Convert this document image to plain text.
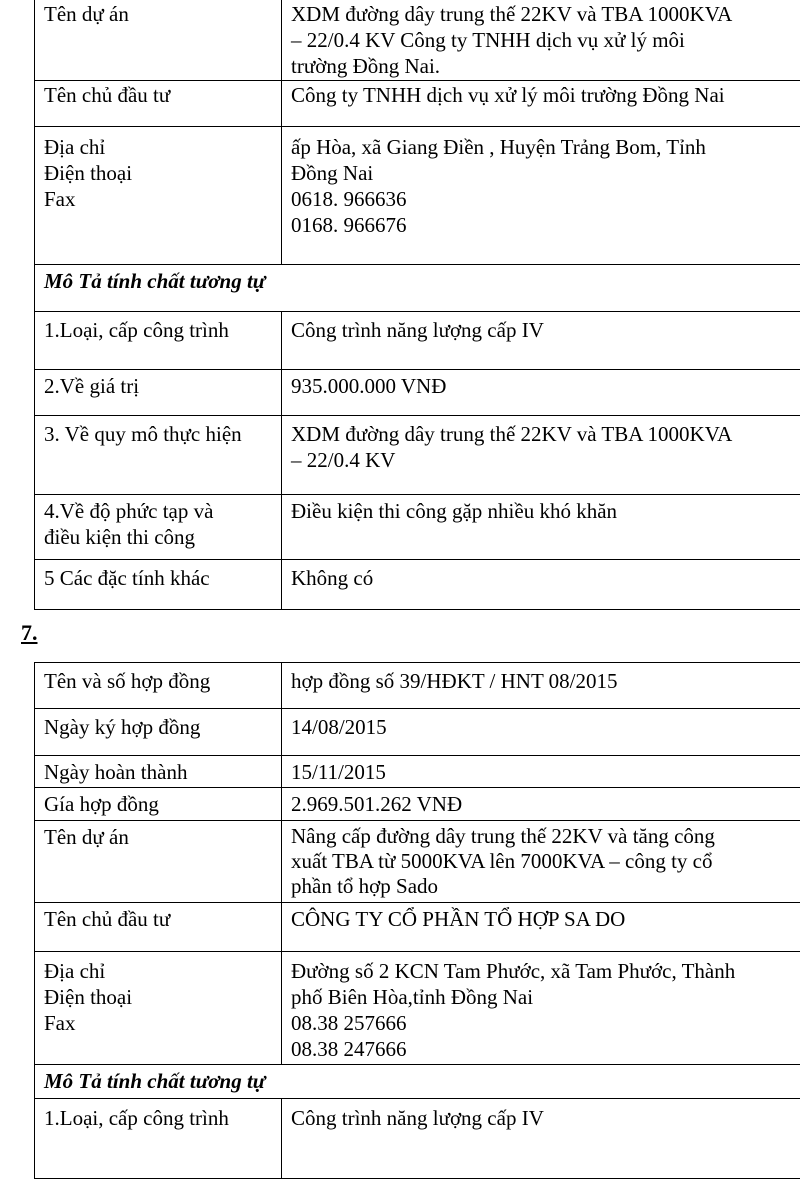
Tên dự án	XDM đường dây trung thế 22KV và TBA 1000KVA
– 22/0.4 KV Công ty TNHH dịch vụ xử lý môi
trường Đồng Nai.

Tên chủ đầu tư	Công ty TNHH dịch vụ xử lý môi trường Đồng Nai

Địa chỉ
Điện thoại
Fax	ấp Hòa, xã Giang Điền , Huyện Trảng Bom, Tỉnh
Đồng Nai
0618. 966636
0168. 966676

Mô Tả tính chất tương tự	

1.Loại, cấp công trình	Công trình năng lượng cấp IV

2.Về giá trị	935.000.000 VNĐ

3. Về quy mô thực hiện	XDM đường dây trung thế 22KV và TBA 1000KVA
– 22/0.4 KV

4.Về độ phức tạp và
điều kiện thi công	Điều kiện thi công gặp nhiều khó khăn

5 Các đặc tính khác	Không có
7.
Tên và số hợp đồng	hợp đồng số 39/HĐKT / HNT 08/2015

Ngày ký hợp đồng	14/08/2015

Ngày hoàn thành	15/11/2015

Gía hợp đồng	2.969.501.262 VNĐ

Tên dự án	Nâng cấp đường dây trung thế 22KV và tăng công
xuất TBA từ 5000KVA lên 7000KVA – công ty cổ
phần tổ hợp Sado

Tên chủ đầu tư	CÔNG TY CỔ PHẦN TỔ HỢP SA DO

Địa chỉ
Điện thoại
Fax	Đường số 2 KCN Tam Phước, xã Tam Phước, Thành
phố Biên Hòa,tỉnh Đồng Nai
08.38 257666
08.38 247666

Mô Tả tính chất tương tự	

1.Loại, cấp công trình	Công trình năng lượng cấp IV
